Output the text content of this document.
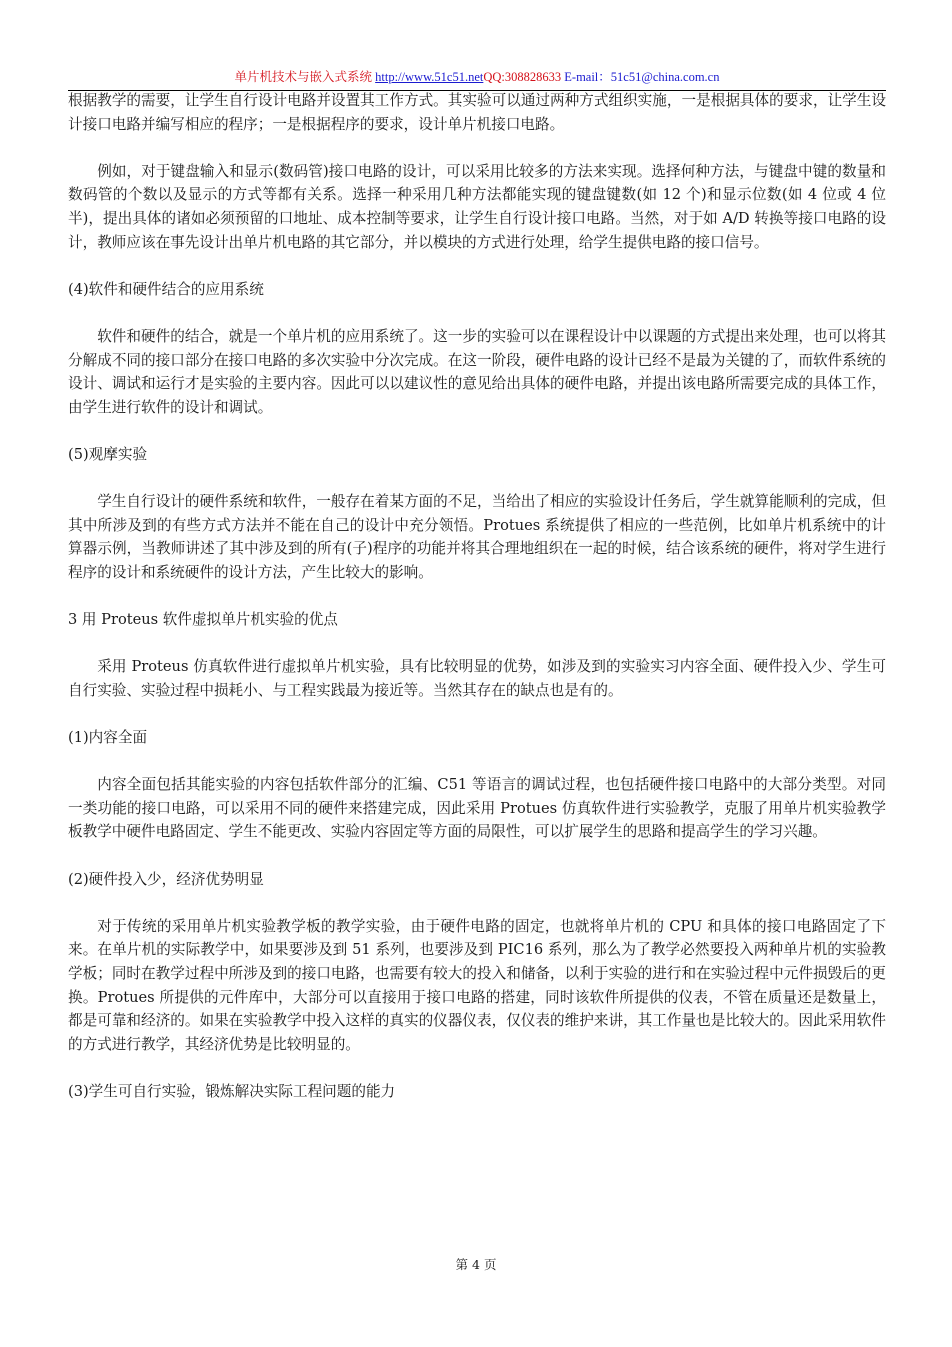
单片机技术与嵌入式系统 http://www.51c51.netQQ:308828633 E-mail：51c51@china.com.cn

根据教学的需要，让学生自行设计电路并设置其工作方式。其实验可以通过两种方式组织实施，一是根据具体的要求，让学生设计接口电路并编写相应的程序；一是根据程序的要求，设计单片机接口电路。

例如，对于键盘输入和显示(数码管)接口电路的设计，可以采用比较多的方法来实现。选择何种方法，与键盘中键的数量和数码管的个数以及显示的方式等都有关系。选择一种采用几种方法都能实现的键盘键数(如 12 个)和显示位数(如 4 位或 4 位半)，提出具体的诸如必须预留的口地址、成本控制等要求，让学生自行设计接口电路。当然，对于如 A/D 转换等接口电路的设计，教师应该在事先设计出单片机电路的其它部分，并以模块的方式进行处理，给学生提供电路的接口信号。

(4)软件和硬件结合的应用系统

软件和硬件的结合，就是一个单片机的应用系统了。这一步的实验可以在课程设计中以课题的方式提出来处理，也可以将其分解成不同的接口部分在接口电路的多次实验中分次完成。在这一阶段，硬件电路的设计已经不是最为关键的了，而软件系统的设计、调试和运行才是实验的主要内容。因此可以以建议性的意见给出具体的硬件电路，并提出该电路所需要完成的具体工作，由学生进行软件的设计和调试。

(5)观摩实验

学生自行设计的硬件系统和软件，一般存在着某方面的不足，当给出了相应的实验设计任务后，学生就算能顺利的完成，但其中所涉及到的有些方式方法并不能在自己的设计中充分领悟。Protues 系统提供了相应的一些范例，比如单片机系统中的计算器示例，当教师讲述了其中涉及到的所有(子)程序的功能并将其合理地组织在一起的时候，结合该系统的硬件，将对学生进行程序的设计和系统硬件的设计方法，产生比较大的影响。

3 用 Proteus 软件虚拟单片机实验的优点

采用 Proteus 仿真软件进行虚拟单片机实验，具有比较明显的优势，如涉及到的实验实习内容全面、硬件投入少、学生可自行实验、实验过程中损耗小、与工程实践最为接近等。当然其存在的缺点也是有的。

(1)内容全面

内容全面包括其能实验的内容包括软件部分的汇编、C51 等语言的调试过程，也包括硬件接口电路中的大部分类型。对同一类功能的接口电路，可以采用不同的硬件来搭建完成，因此采用 Protues 仿真软件进行实验教学，克服了用单片机实验教学板教学中硬件电路固定、学生不能更改、实验内容固定等方面的局限性，可以扩展学生的思路和提高学生的学习兴趣。

(2)硬件投入少，经济优势明显

对于传统的采用单片机实验教学板的教学实验，由于硬件电路的固定，也就将单片机的 CPU 和具体的接口电路固定了下来。在单片机的实际教学中，如果要涉及到 51 系列，也要涉及到 PIC16 系列，那么为了教学必然要投入两种单片机的实验教学板；同时在教学过程中所涉及到的接口电路，也需要有较大的投入和储备，以利于实验的进行和在实验过程中元件损毁后的更换。Protues 所提供的元件库中，大部分可以直接用于接口电路的搭建，同时该软件所提供的仪表，不管在质量还是数量上，都是可靠和经济的。如果在实验教学中投入这样的真实的仪器仪表，仅仪表的维护来讲，其工作量也是比较大的。因此采用软件的方式进行教学，其经济优势是比较明显的。

(3)学生可自行实验，锻炼解决实际工程问题的能力

第 4 页
